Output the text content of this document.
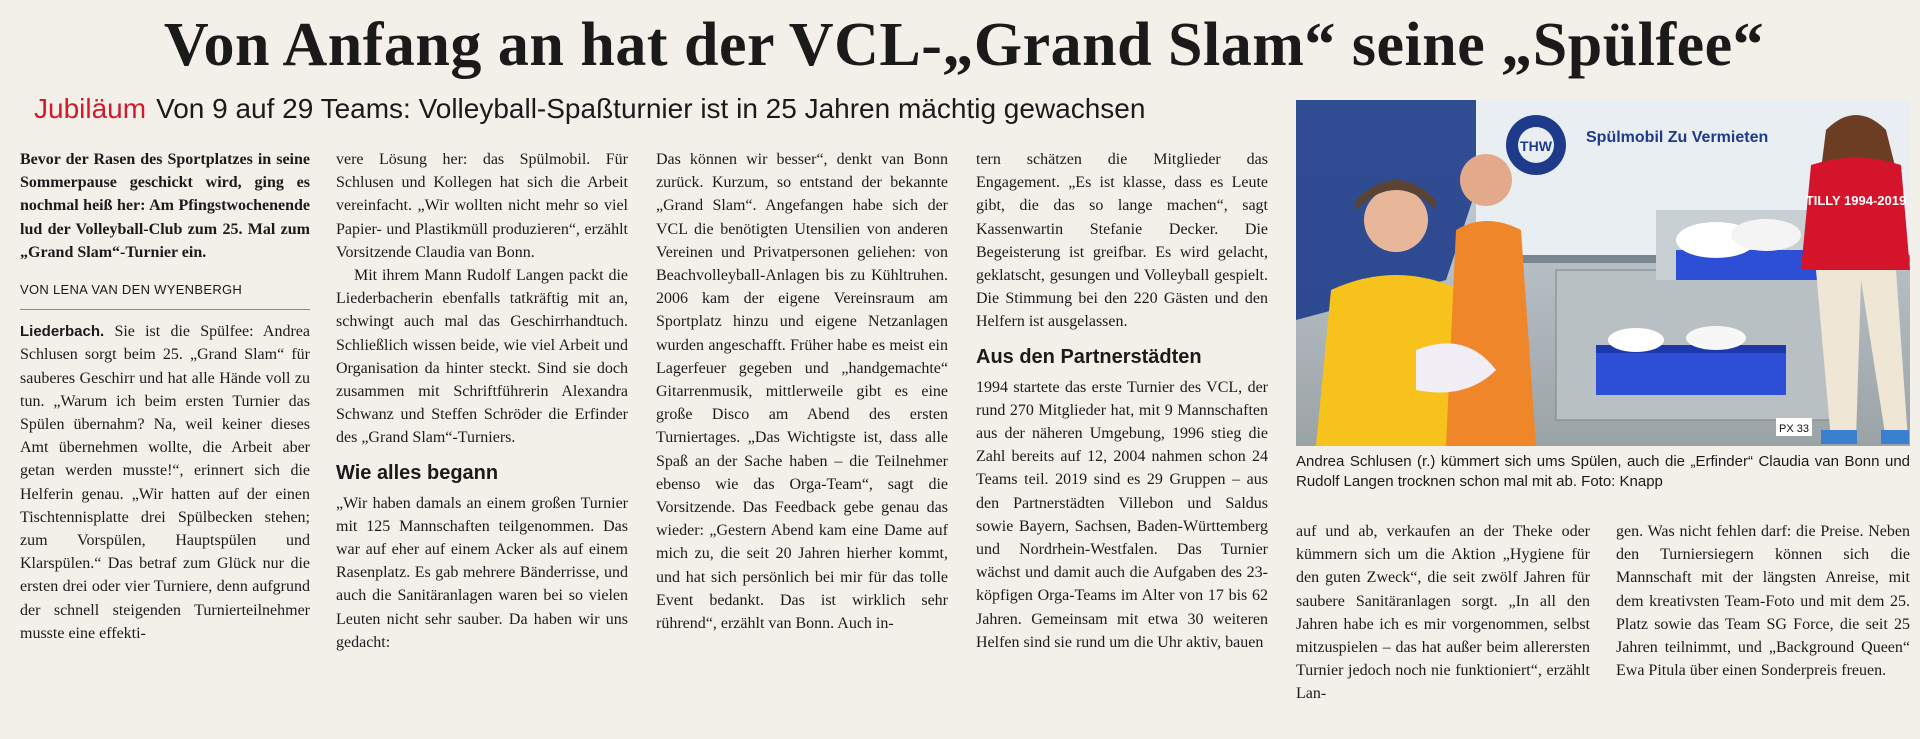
Von Anfang an hat der VCL-„Grand Slam“ seine „Spülfee“
Jubiläum Von 9 auf 29 Teams: Volleyball-Spaßturnier ist in 25 Jahren mächtig gewachsen

Bevor der Rasen des Sportplatzes in seine Sommerpause geschickt wird, ging es nochmal heiß her: Am Pfingstwochenende lud der Volleyball-Club zum 25. Mal zum „Grand Slam“-Turnier ein.

VON LENA VAN DEN WYENBERGH

Liederbach. Sie ist die Spülfee: Andrea Schlusen sorgt beim 25. „Grand Slam“ für sauberes Geschirr und hat alle Hände voll zu tun. „Warum ich beim ersten Turnier das Spülen übernahm? Na, weil keiner dieses Amt übernehmen wollte, die Arbeit aber getan werden musste!“, erinnert sich die Helferin genau. „Wir hatten auf der einen Tischtennisplatte drei Spülbecken stehen; zum Vorspülen, Hauptspülen und Klarspülen.“ Das betraf zum Glück nur die ersten drei oder vier Turniere, denn aufgrund der schnell steigenden Turnierteilnehmer musste eine effekti-

vere Lösung her: das Spülmobil. Für Schlusen und Kollegen hat sich die Arbeit vereinfacht. „Wir wollten nicht mehr so viel Papier- und Plastikmüll produzieren“, erzählt Vorsitzende Claudia van Bonn.

Mit ihrem Mann Rudolf Langen packt die Liederbacherin ebenfalls tatkräftig mit an, schwingt auch mal das Geschirrhandtuch. Schließlich wissen beide, wie viel Arbeit und Organisation da hinter steckt. Sind sie doch zusammen mit Schriftführerin Alexandra Schwanz und Steffen Schröder die Erfinder des „Grand Slam“-Turniers.

Wie alles begann

„Wir haben damals an einem großen Turnier mit 125 Mannschaften teilgenommen. Das war auf eher auf einem Acker als auf einem Rasenplatz. Es gab mehrere Bänderrisse, und auch die Sanitäranlagen waren bei so vielen Leuten nicht sehr sauber. Da haben wir uns gedacht:

Das können wir besser“, denkt van Bonn zurück. Kurzum, so entstand der bekannte „Grand Slam“. Angefangen habe sich der VCL die benötigten Utensilien von anderen Vereinen und Privatpersonen geliehen: von Beachvolleyball-Anlagen bis zu Kühltruhen. 2006 kam der eigene Vereinsraum am Sportplatz hinzu und eigene Netzanlagen wurden angeschafft. Früher habe es meist ein Lagerfeuer gegeben und „handgemachte“ Gitarrenmusik, mittlerweile gibt es eine große Disco am Abend des ersten Turniertages. „Das Wichtigste ist, dass alle Spaß an der Sache haben – die Teilnehmer ebenso wie das Orga-Team“, sagt die Vorsitzende. Das Feedback gebe genau das wieder: „Gestern Abend kam eine Dame auf mich zu, die seit 20 Jahren hierher kommt, und hat sich persönlich bei mir für das tolle Event bedankt. Das ist wirklich sehr rührend“, erzählt van Bonn. Auch in-

tern schätzen die Mitglieder das Engagement. „Es ist klasse, dass es Leute gibt, die das so lange machen“, sagt Kassenwartin Stefanie Decker. Die Begeisterung ist greifbar. Es wird gelacht, geklatscht, gesungen und Volleyball gespielt. Die Stimmung bei den 220 Gästen und den Helfern ist ausgelassen.

Aus den Partnerstädten

1994 startete das erste Turnier des VCL, der rund 270 Mitglieder hat, mit 9 Mannschaften aus der näheren Umgebung, 1996 stieg die Zahl bereits auf 12, 2004 nahmen schon 24 Teams teil. 2019 sind es 29 Gruppen – aus den Partnerstädten Villebon und Saldus sowie Bayern, Sachsen, Baden-Württemberg und Nordrhein-Westfalen. Das Turnier wächst und damit auch die Aufgaben des 23-köpfigen Orga-Teams im Alter von 17 bis 62 Jahren. Gemeinsam mit etwa 30 weiteren Helfen sind sie rund um die Uhr aktiv, bauen

THW Spülmobil Zu Vermieten
PX 33
TILLY 1994-2019
Andrea Schlusen (r.) kümmert sich ums Spülen, auch die „Erfinder“ Claudia van Bonn und Rudolf Langen trocknen schon mal mit ab. Foto: Knapp

auf und ab, verkaufen an der Theke oder kümmern sich um die Aktion „Hygiene für den guten Zweck“, die seit zwölf Jahren für saubere Sanitäranlagen sorgt. „In all den Jahren habe ich es mir vorgenommen, selbst mitzuspielen – das hat außer beim allerersten Turnier jedoch noch nie funktioniert“, erzählt Lan-

gen. Was nicht fehlen darf: die Preise. Neben den Turniersiegern können sich die Mannschaft mit der längsten Anreise, mit dem kreativsten Team-Foto und mit dem 25. Platz sowie das Team SG Force, die seit 25 Jahren teilnimmt, und „Background Queen“ Ewa Pitula über einen Sonderpreis freuen.
